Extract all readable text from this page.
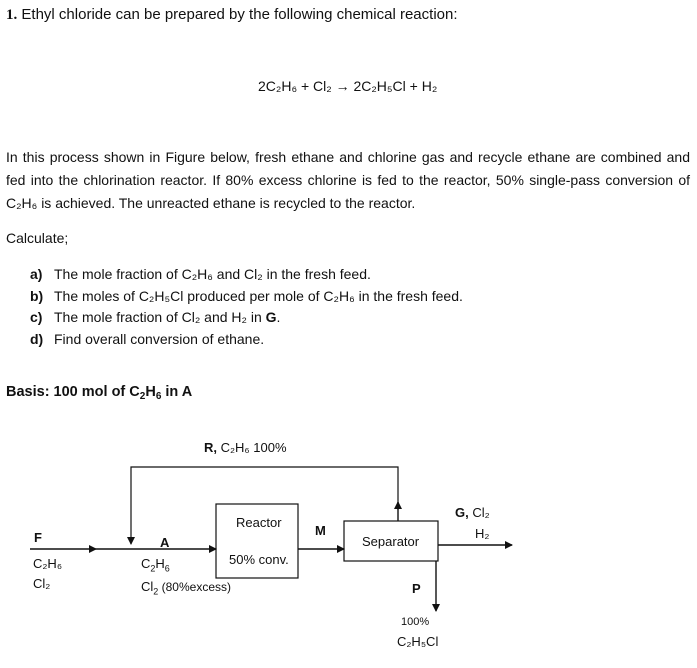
1. Ethyl chloride can be prepared by the following chemical reaction:
2C₂H₆ + Cl₂ → 2C₂H₅Cl + H₂
In this process shown in Figure below, fresh ethane and chlorine gas and recycle ethane are combined and fed into the chlorination reactor. If 80% excess chlorine is fed to the reactor, 50% single-pass conversion of C₂H₆ is achieved. The unreacted ethane is recycled to the reactor.
Calculate;
a) The mole fraction of C₂H₆ and Cl₂ in the fresh feed.
b) The moles of C₂H₅Cl produced per mole of C₂H₆ in the fresh feed.
c) The mole fraction of Cl₂ and H₂ in G.
d) Find overall conversion of ethane.
Basis: 100 mol of $C_2H_6$ in A
R, C₂H₆ 100%
F
C₂H₆
Cl₂
A
$C_2H_6$
$Cl_2$ (80%excess)
Reactor
50% conv.
M
Separator
G, Cl₂
H₂
P
100%
C₂H₅Cl
